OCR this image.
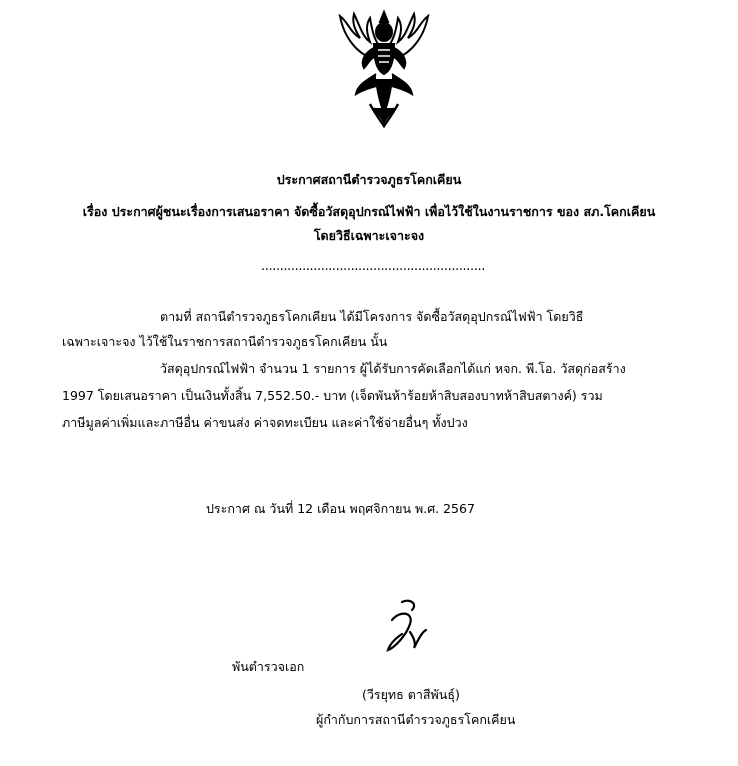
ประกาศสถานีตำรวจภูธรโคกเคียน
เรื่อง ประกาศผู้ชนะเรื่องการเสนอราคา จัดซื้อวัสดุอุปกรณ์ไฟฟ้า เพื่อไว้ใช้ในงานราชการ ของ สภ.โคกเคียน
โดยวิธีเฉพาะเจาะจง
............................................................
ตามที่ สถานีตำรวจภูธรโคกเคียน ได้มีโครงการ จัดซื้อวัสดุอุปกรณ์ไฟฟ้า โดยวิธี
เฉพาะเจาะจง ไว้ใช้ในราชการสถานีตำรวจภูธรโคกเคียน นั้น
วัสดุอุปกรณ์ไฟฟ้า จำนวน 1 รายการ ผู้ได้รับการคัดเลือกได้แก่ หจก. พี.โอ. วัสดุก่อสร้าง
1997 โดยเสนอราคา เป็นเงินทั้งสิ้น 7,552.50.- บาท (เจ็ดพันห้าร้อยห้าสิบสองบาทห้าสิบสตางค์) รวม
ภาษีมูลค่าเพิ่มและภาษีอื่น ค่าขนส่ง ค่าจดทะเบียน และค่าใช้จ่ายอื่นๆ ทั้งปวง
ประกาศ ณ วันที่ 12 เดือน พฤศจิกายน พ.ศ. 2567
พันตำรวจเอก
(วีรยุทธ ตาสีพันธุ์)
ผู้กำกับการสถานีตำรวจภูธรโคกเคียน
